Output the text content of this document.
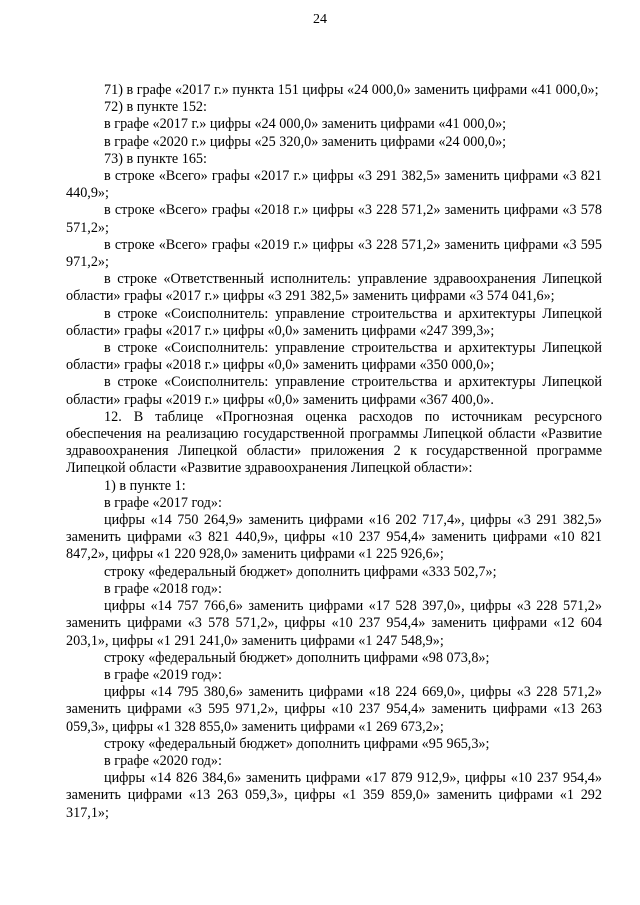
24

71) в графе «2017 г.» пункта 151 цифры «24 000,0» заменить цифрами «41 000,0»;

72) в пункте 152:

в графе «2017 г.» цифры «24 000,0» заменить цифрами «41 000,0»;

в графе «2020 г.» цифры «25 320,0» заменить цифрами «24 000,0»;

73) в пункте 165:

в строке «Всего» графы «2017 г.» цифры «3 291 382,5» заменить цифрами «3 821 440,9»;

в строке «Всего» графы «2018 г.» цифры «3 228 571,2» заменить цифрами «3 578 571,2»;

в строке «Всего» графы «2019 г.» цифры «3 228 571,2» заменить цифрами «3 595 971,2»;

в строке «Ответственный исполнитель: управление здравоохранения Липецкой области» графы «2017 г.» цифры «3 291 382,5» заменить цифрами «3 574 041,6»;

в строке «Соисполнитель: управление строительства и архитектуры Липецкой области» графы «2017 г.» цифры «0,0» заменить цифрами «247 399,3»;

в строке «Соисполнитель: управление строительства и архитектуры Липецкой области» графы «2018 г.» цифры «0,0» заменить цифрами «350 000,0»;

в строке «Соисполнитель: управление строительства и архитектуры Липецкой области» графы «2019 г.» цифры «0,0» заменить цифрами «367 400,0».

12. В таблице «Прогнозная оценка расходов по источникам ресурсного обеспечения на реализацию государственной программы Липецкой области «Развитие здравоохранения Липецкой области» приложения 2 к государственной программе Липецкой области «Развитие здравоохранения Липецкой области»:

1) в пункте 1:

в графе «2017 год»:

цифры «14 750 264,9» заменить цифрами «16 202 717,4», цифры «3 291 382,5» заменить цифрами «3 821 440,9», цифры «10 237 954,4» заменить цифрами «10 821 847,2», цифры «1 220 928,0» заменить цифрами «1 225 926,6»;

строку «федеральный бюджет» дополнить цифрами «333 502,7»;

в графе «2018 год»:

цифры «14 757 766,6» заменить цифрами «17 528 397,0», цифры «3 228 571,2» заменить цифрами «3 578 571,2», цифры «10 237 954,4» заменить цифрами «12 604 203,1», цифры «1 291 241,0» заменить цифрами «1 247 548,9»;

строку «федеральный бюджет» дополнить цифрами «98 073,8»;

в графе «2019 год»:

цифры «14 795 380,6» заменить цифрами «18 224 669,0», цифры «3 228 571,2» заменить цифрами «3 595 971,2», цифры «10 237 954,4» заменить цифрами «13 263 059,3», цифры «1 328 855,0» заменить цифрами «1 269 673,2»;

строку «федеральный бюджет» дополнить цифрами «95 965,3»;

в графе «2020 год»:

цифры «14 826 384,6» заменить цифрами «17 879 912,9», цифры «10 237 954,4» заменить цифрами «13 263 059,3», цифры «1 359 859,0» заменить цифрами «1 292 317,1»;
